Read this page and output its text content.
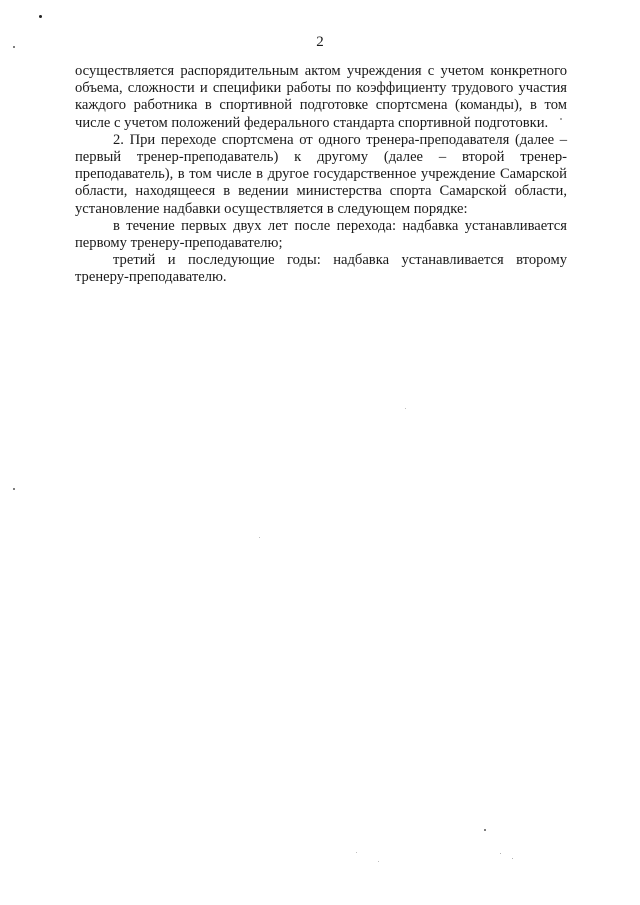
2

осуществляется распорядительным актом учреждения с учетом конкретного объема, сложности и специфики работы по коэффициенту трудового участия каждого работника в спортивной подготовке спортсмена (команды), в том числе с учетом положений федерального стандарта спортивной подготовки.

2. При переходе спортсмена от одного тренера-преподавателя (далее – первый тренер-преподаватель) к другому (далее – второй тренер-преподаватель), в том числе в другое государственное учреждение Самарской области, находящееся в ведении министерства спорта Самарской области, установление надбавки осуществляется в следующем порядке:

в течение первых двух лет после перехода: надбавка устанавливается первому тренеру-преподавателю;

третий и последующие годы: надбавка устанавливается второму тренеру-преподавателю.
